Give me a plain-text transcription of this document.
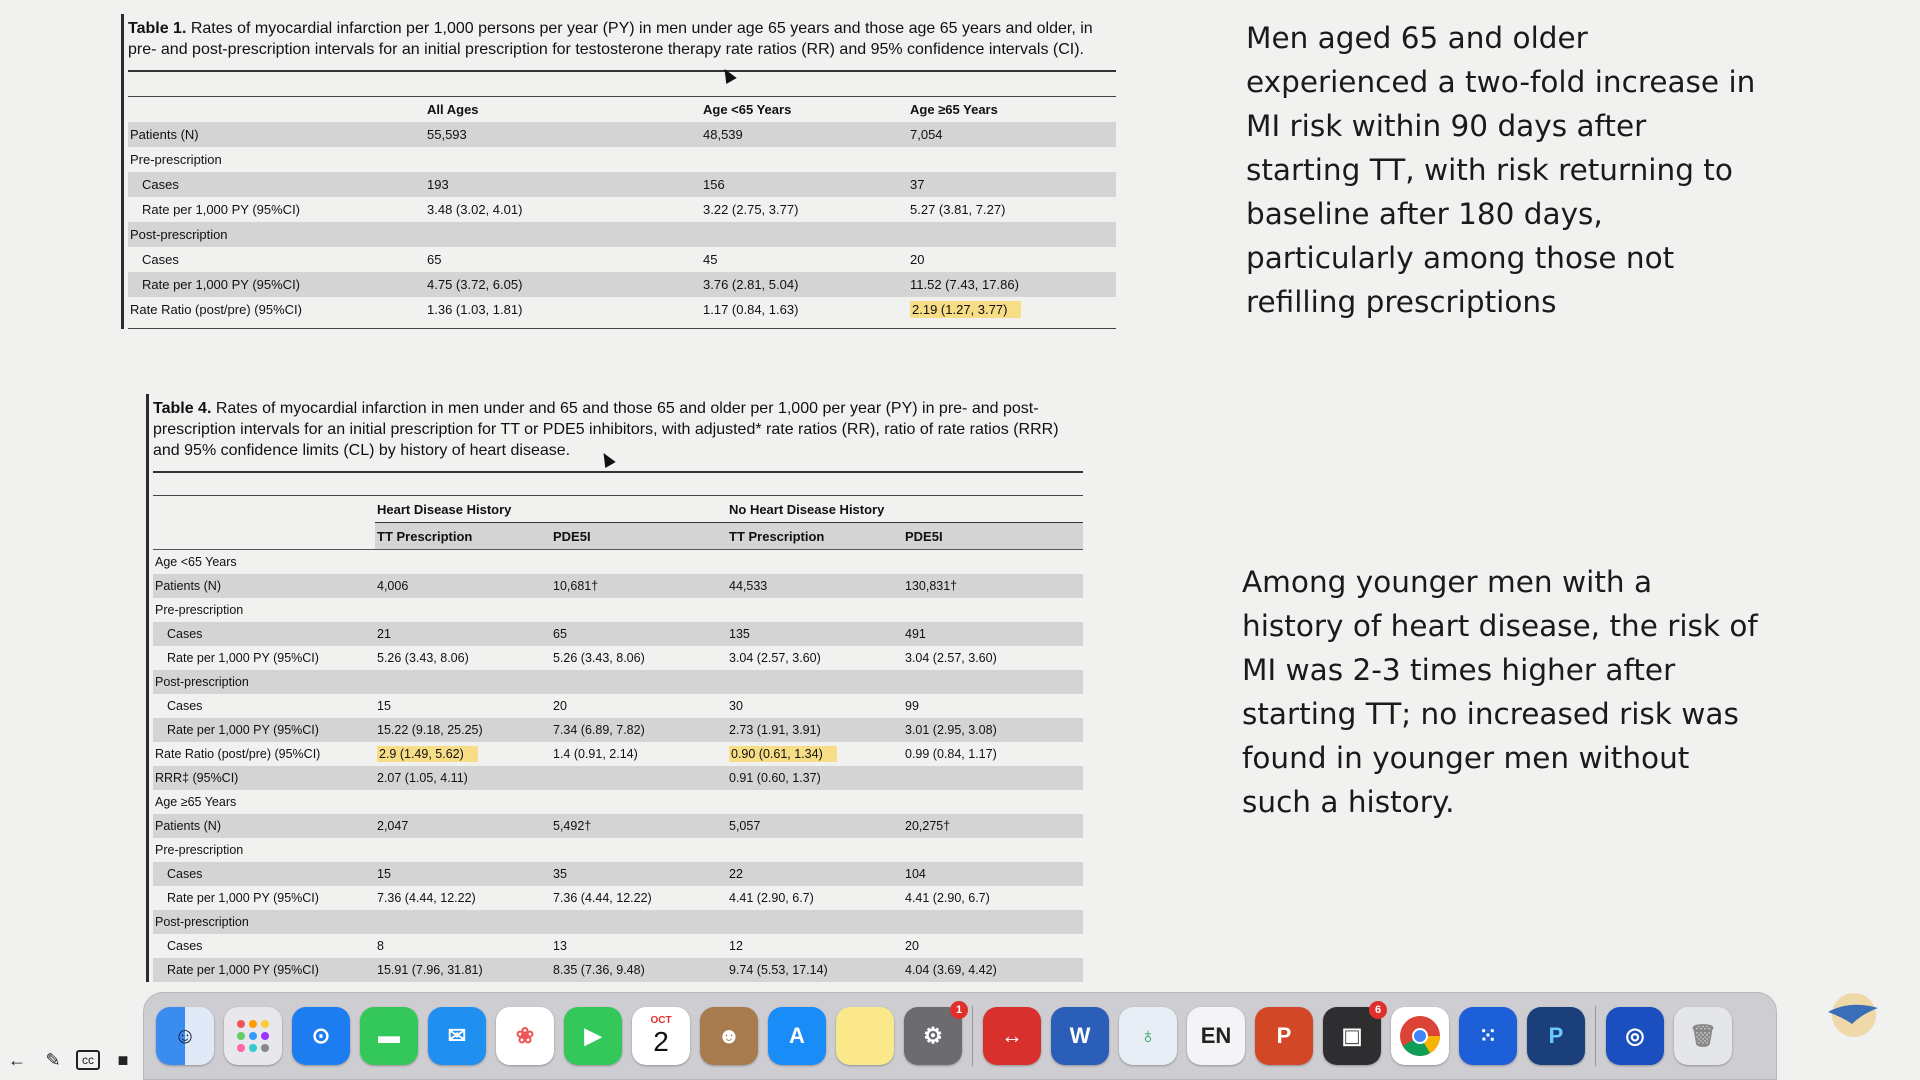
Table 1. Rates of myocardial infarction per 1,000 persons per year (PY) in men under age 65 years and those age 65 years and older, in pre- and post-prescription intervals for an initial prescription for testosterone therapy rate ratios (RR) and 95% confidence intervals (CI).
	All Ages	Age <65 Years	Age ≥65 Years
Patients (N)	55,593	48,539	7,054
Pre-prescription			
Cases	193	156	37
Rate per 1,000 PY (95%CI)	3.48 (3.02, 4.01)	3.22 (2.75, 3.77)	5.27 (3.81, 7.27)
Post-prescription			
Cases	65	45	20
Rate per 1,000 PY (95%CI)	4.75 (3.72, 6.05)	3.76 (2.81, 5.04)	11.52 (7.43, 17.86)
Rate Ratio (post/pre) (95%CI)	1.36 (1.03, 1.81)	1.17 (0.84, 1.63)	2.19 (1.27, 3.77)
Table 4. Rates of myocardial infarction in men under and 65 and those 65 and older per 1,000 per year (PY) in pre- and post-prescription intervals for an initial prescription for TT or PDE5 inhibitors, with adjusted* rate ratios (RR), ratio of rate ratios (RRR) and 95% confidence limits (CL) by history of heart disease.
	Heart Disease History		No Heart Disease History	
	TT Prescription	PDE5I	TT Prescription	PDE5I
Age <65 Years				
Patients (N)	4,006	10,681†	44,533	130,831†
Pre-prescription				
Cases	21	65	135	491
Rate per 1,000 PY (95%CI)	5.26 (3.43, 8.06)	5.26 (3.43, 8.06)	3.04 (2.57, 3.60)	3.04 (2.57, 3.60)
Post-prescription				
Cases	15	20	30	99
Rate per 1,000 PY (95%CI)	15.22 (9.18, 25.25)	7.34 (6.89, 7.82)	2.73 (1.91, 3.91)	3.01 (2.95, 3.08)
Rate Ratio (post/pre) (95%CI)	2.9 (1.49, 5.62)	1.4 (0.91, 2.14)	0.90 (0.61, 1.34)	0.99 (0.84, 1.17)
RRR‡ (95%CI)	2.07 (1.05, 4.11)		0.91 (0.60, 1.37)	
Age ≥65 Years				
Patients (N)	2,047	5,492†	5,057	20,275†
Pre-prescription				
Cases	15	35	22	104
Rate per 1,000 PY (95%CI)	7.36 (4.44, 12.22)	7.36 (4.44, 12.22)	4.41 (2.90, 6.7)	4.41 (2.90, 6.7)
Post-prescription				
Cases	8	13	12	20
Rate per 1,000 PY (95%CI)	15.91 (7.96, 31.81)	8.35 (7.36, 9.48)	9.74 (5.53, 17.14)	4.04 (3.69, 4.42)
Men aged 65 and older experienced a two-fold increase in MI risk within 90 days after starting TT, with risk returning to baseline after 180 days, particularly among those not refilling prescriptions
Among younger men with a history of heart disease, the risk of MI was 2-3 times higher after starting TT; no increased risk was found in younger men without such a history.
←	✎	cc	■
☺	⊙	▬	✉	❀	▶
OCT
2	☻	A	⚙
1
↔	W	♁	EN P	▣
6
⁙	P	◎	🗑
